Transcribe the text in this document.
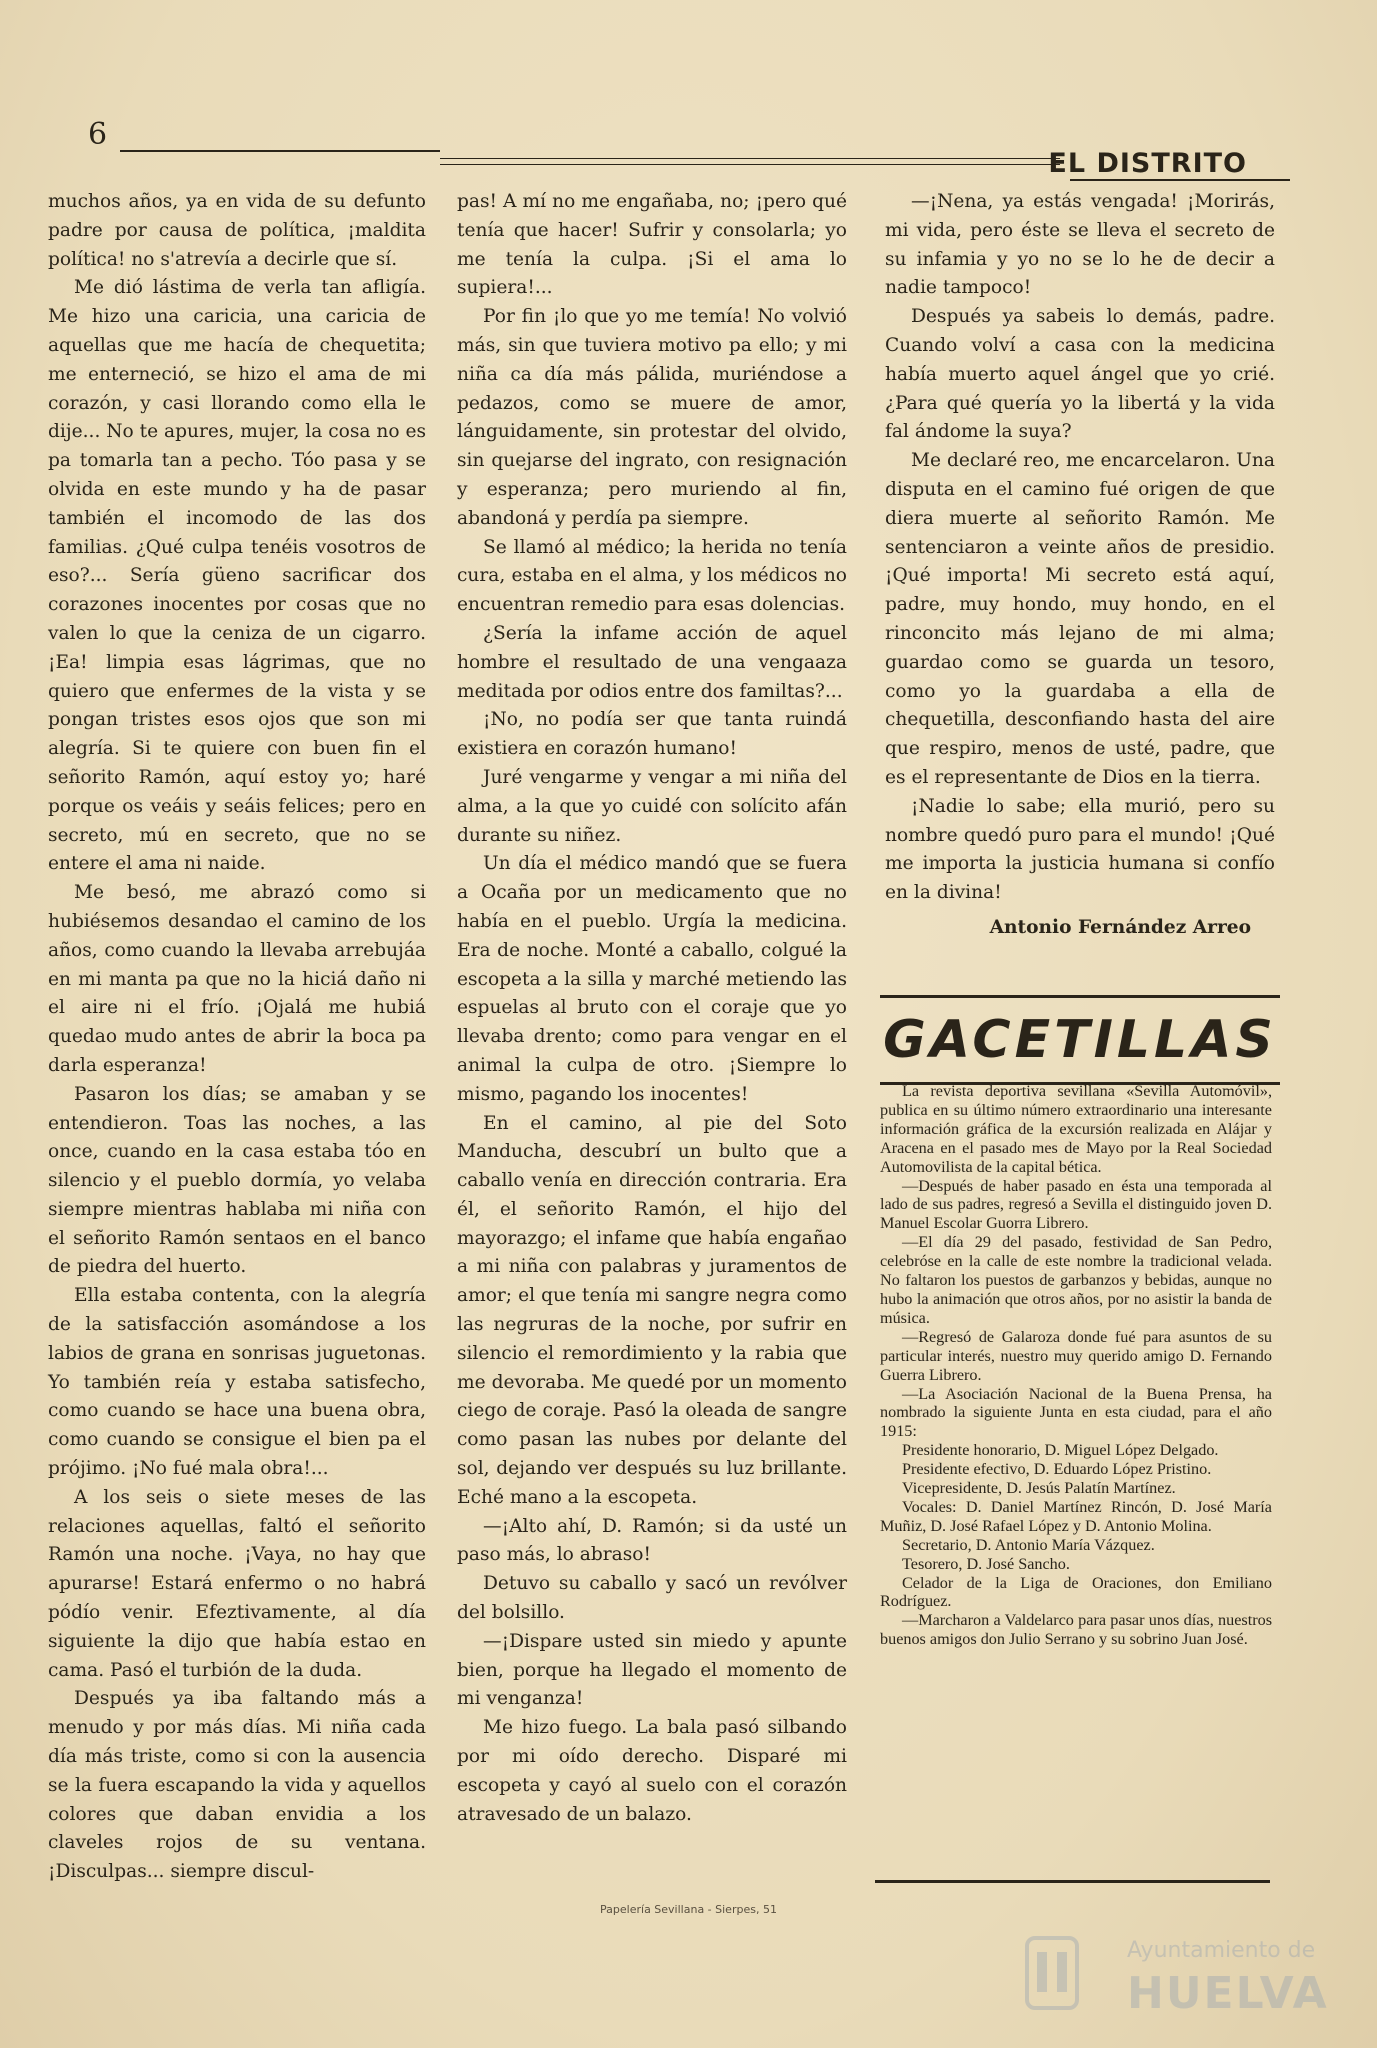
6
EL DISTRITO

muchos años, ya en vida de su defunto padre por causa de política, ¡maldita política! no s'atrevía a decirle que sí.

Me dió lástima de verla tan afligía. Me hizo una caricia, una caricia de aquellas que me hacía de chequetita; me enterneció, se hizo el ama de mi corazón, y casi llorando como ella le dije... No te apures, mujer, la cosa no es pa tomarla tan a pecho. Tóo pasa y se olvida en este mundo y ha de pasar también el incomodo de las dos familias. ¿Qué culpa tenéis vosotros de eso?... Sería güeno sacrificar dos corazones inocentes por cosas que no valen lo que la ceniza de un cigarro. ¡Ea! limpia esas lágrimas, que no quiero que enfermes de la vista y se pongan tristes esos ojos que son mi alegría. Si te quiere con buen fin el señorito Ramón, aquí estoy yo; haré porque os veáis y seáis felices; pero en secreto, mú en secreto, que no se entere el ama ni naide.

Me besó, me abrazó como si hubiésemos desandao el camino de los años, como cuando la llevaba arrebujáa en mi manta pa que no la hiciá daño ni el aire ni el frío. ¡Ojalá me hubiá quedao mudo antes de abrir la boca pa darla esperanza!

Pasaron los días; se amaban y se entendieron. Toas las noches, a las once, cuando en la casa estaba tóo en silencio y el pueblo dormía, yo velaba siempre mientras hablaba mi niña con el señorito Ramón sentaos en el banco de piedra del huerto.

Ella estaba contenta, con la alegría de la satisfacción asomándose a los labios de grana en sonrisas juguetonas. Yo también reía y estaba satisfecho, como cuando se hace una buena obra, como cuando se consigue el bien pa el prójimo. ¡No fué mala obra!...

A los seis o siete meses de las relaciones aquellas, faltó el señorito Ramón una noche. ¡Vaya, no hay que apurarse! Estará enfermo o no habrá pódío venir. Efeztivamente, al día siguiente la dijo que había estao en cama. Pasó el turbión de la duda.

Después ya iba faltando más a menudo y por más días. Mi niña cada día más triste, como si con la ausencia se la fuera escapando la vida y aquellos colores que daban envidia a los claveles rojos de su ventana. ¡Disculpas... siempre discul-

pas! A mí no me engañaba, no; ¡pero qué tenía que hacer! Sufrir y consolarla; yo me tenía la culpa. ¡Si el ama lo supiera!...

Por fin ¡lo que yo me temía! No volvió más, sin que tuviera motivo pa ello; y mi niña ca día más pálida, muriéndose a pedazos, como se muere de amor, lánguidamente, sin protestar del olvido, sin quejarse del ingrato, con resignación y esperanza; pero muriendo al fin, abandoná y perdía pa siempre.

Se llamó al médico; la herida no tenía cura, estaba en el alma, y los médicos no encuentran remedio para esas dolencias.

¿Sería la infame acción de aquel hombre el resultado de una vengaaza meditada por odios entre dos familtas?...

¡No, no podía ser que tanta ruindá existiera en corazón humano!

Juré vengarme y vengar a mi niña del alma, a la que yo cuidé con solícito afán durante su niñez.

Un día el médico mandó que se fuera a Ocaña por un medicamento que no había en el pueblo. Urgía la medicina. Era de noche. Monté a caballo, colgué la escopeta a la silla y marché metiendo las espuelas al bruto con el coraje que yo llevaba drento; como para vengar en el animal la culpa de otro. ¡Siempre lo mismo, pagando los inocentes!

En el camino, al pie del Soto Manducha, descubrí un bulto que a caballo venía en dirección contraria. Era él, el señorito Ramón, el hijo del mayorazgo; el infame que había engañao a mi niña con palabras y juramentos de amor; el que tenía mi sangre negra como las negruras de la noche, por sufrir en silencio el remordimiento y la rabia que me devoraba. Me quedé por un momento ciego de coraje. Pasó la oleada de sangre como pasan las nubes por delante del sol, dejando ver después su luz brillante. Eché mano a la escopeta.

—¡Alto ahí, D. Ramón; si da usté un paso más, lo abraso!

Detuvo su caballo y sacó un revólver del bolsillo.

—¡Dispare usted sin miedo y apunte bien, porque ha llegado el momento de mi venganza!

Me hizo fuego. La bala pasó silbando por mi oído derecho. Disparé mi escopeta y cayó al suelo con el corazón atravesado de un balazo.

—¡Nena, ya estás vengada! ¡Morirás, mi vida, pero éste se lleva el secreto de su infamia y yo no se lo he de decir a nadie tampoco!

Después ya sabeis lo demás, padre. Cuando volví a casa con la medicina había muerto aquel ángel que yo crié. ¿Para qué quería yo la libertá y la vida fal ándome la suya?

Me declaré reo, me encarcelaron. Una disputa en el camino fué origen de que diera muerte al señorito Ramón. Me sentenciaron a veinte años de presidio. ¡Qué importa! Mi secreto está aquí, padre, muy hondo, muy hondo, en el rinconcito más lejano de mi alma; guardao como se guarda un tesoro, como yo la guardaba a ella de chequetilla, desconfiando hasta del aire que respiro, menos de usté, padre, que es el representante de Dios en la tierra.

¡Nadie lo sabe; ella murió, pero su nombre quedó puro para el mundo! ¡Qué me importa la justicia humana si confío en la divina!

Antonio Fernández Arreo
GACETILLAS

La revista deportiva sevillana «Sevilla Automóvil», publica en su último número extraordinario una interesante información gráfica de la excursión realizada en Alájar y Aracena en el pasado mes de Mayo por la Real Sociedad Automovilista de la capital bética.

—Después de haber pasado en ésta una temporada al lado de sus padres, regresó a Sevilla el distinguido joven D. Manuel Escolar Guorra Librero.

—El día 29 del pasado, festividad de San Pedro, celebróse en la calle de este nombre la tradicional velada. No faltaron los puestos de garbanzos y bebidas, aunque no hubo la animación que otros años, por no asistir la banda de música.

—Regresó de Galaroza donde fué para asuntos de su particular interés, nuestro muy querido amigo D. Fernando Guerra Librero.

—La Asociación Nacional de la Buena Prensa, ha nombrado la siguiente Junta en esta ciudad, para el año 1915:

Presidente honorario, D. Miguel López Delgado.

Presidente efectivo, D. Eduardo López Pristino.

Vicepresidente, D. Jesús Palatín Martínez.

Vocales: D. Daniel Martínez Rincón, D. José María Muñiz, D. José Rafael López y D. Antonio Molina.

Secretario, D. Antonio María Vázquez.

Tesorero, D. José Sancho.

Celador de la Liga de Oraciones, don Emiliano Rodríguez.

—Marcharon a Valdelarco para pasar unos días, nuestros buenos amigos don Julio Serrano y su sobrino Juan José.

Papelería Sevillana - Sierpes, 51
Ayuntamiento de
HUELVA
